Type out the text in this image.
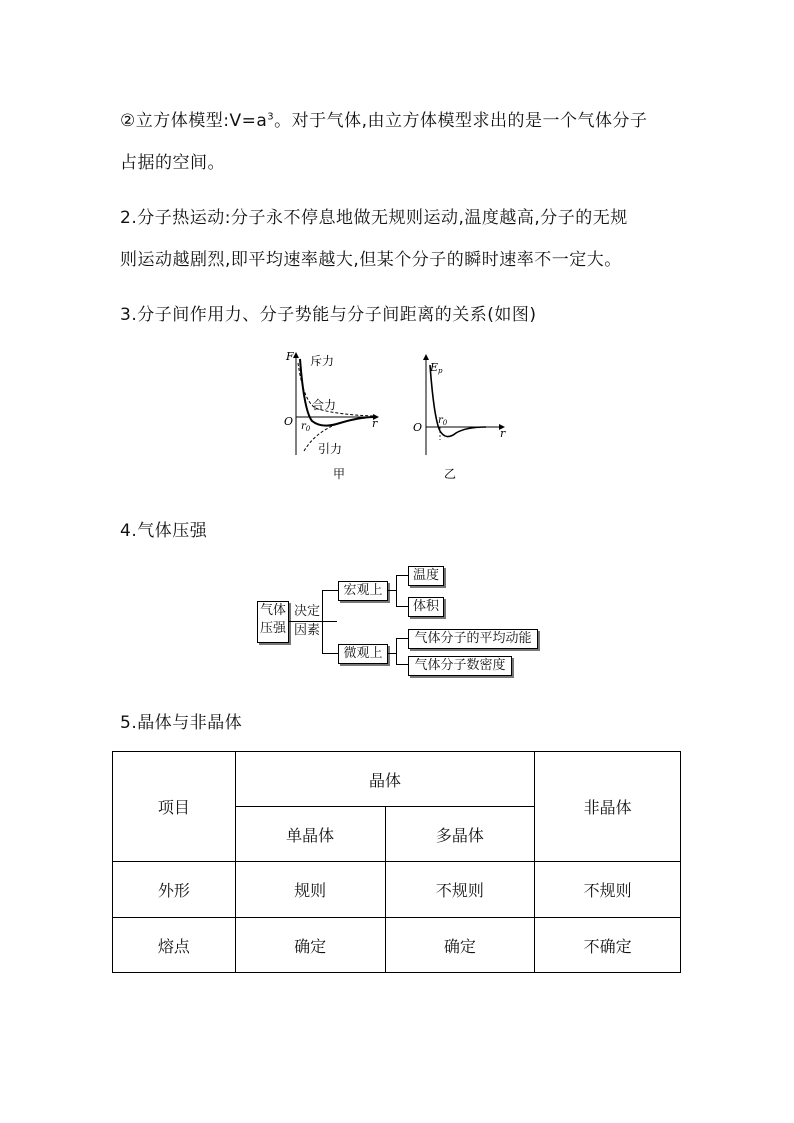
②立方体模型$:V=a^3$。对于气体,由立方体模型求出的是一个气体分子
占据的空间。
2.分子热运动:分子永不停息地做无规则运动,温度越高,分子的无规
则运动越剧烈,即平均速率越大,但某个分子的瞬时速率不一定大。
3.分子间作用力、分子势能与分子间距离的关系(如图)
F 斥力
合力
O $r_0$	r
引力
甲
Ep
O
$r_0$
r
乙
4.气体压强
气体
压强
决定
因素
宏观上
微观上
温度
体积
气体分子的平均动能
气体分子数密度
5.晶体与非晶体
项目	晶体		非晶体
	单晶体	多晶体	
外形	规则	不规则	不规则
熔点	确定	确定	不确定
